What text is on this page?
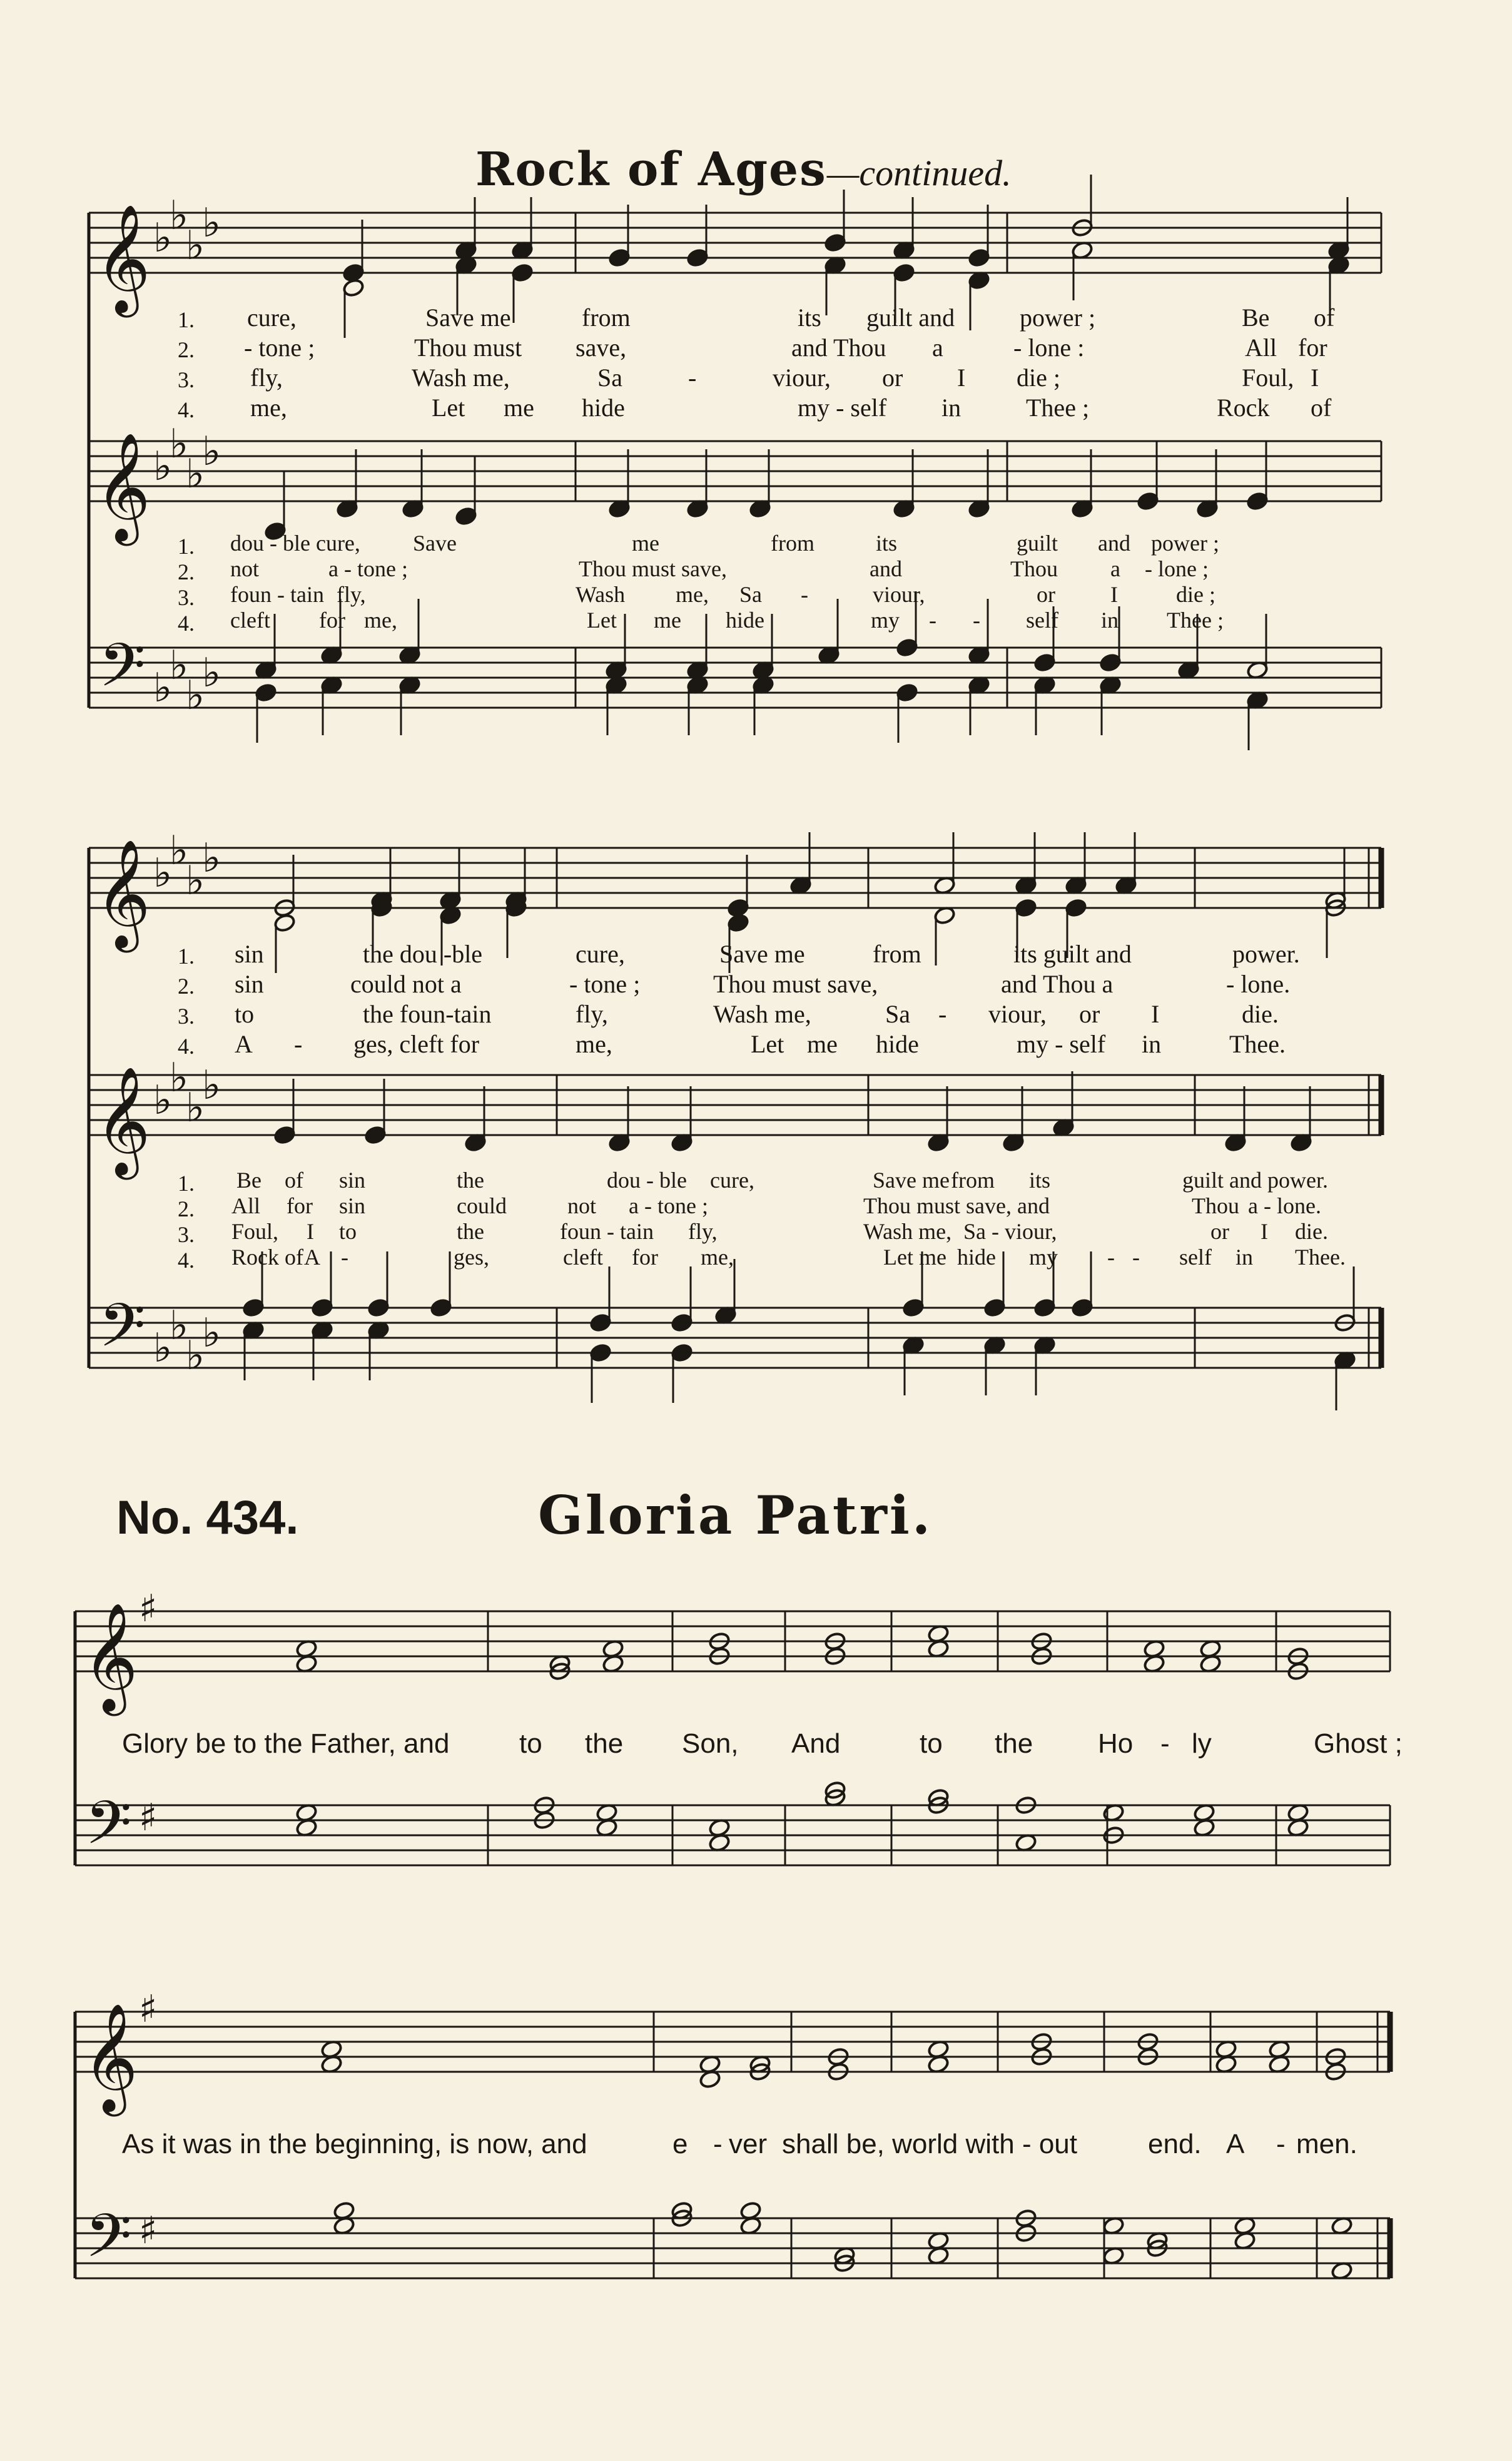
𝄞
𝄞
𝄢
𝄞
𝄞
𝄢
𝄞
𝄢
𝄞
𝄢
♭
♭
♭
♭
♭
♭
♭
♭
♭
♭
♭
♭
♭
♭
♭
♭
♭
♭
♭
♭
♭
♭
♭
♭
♯
♯
♯
♯
Rock of Ages—continued.
1. cure,	Save me	from	its guilt and	power ;	Be of
2. - tone ;	Thou must save,	and Thou a	- lone :	All for
3. fly,	Wash me,	Sa	-	viour, or I die ;	Foul, I
4. me,	Let me hide	my - self in	Thee ;	Rock of
1. dou - ble cure, Save	me	from	its	guilt and power ;
2. not	a - tone ;	Thou must save,	and	Thou a - lone ;
3. foun - tain fly,	Wash me, Sa -	viour,	or I	die ;
4. cleft for me,	Let me hide	my - - self in Thee ;
1. sin	the dou -ble	cure,	Save me	from	its guilt and	power.
2. sin	could not a	- tone ;	Thou must save,	and Thou a	- lone.
3. to	the foun-tain	fly,	Wash me,	Sa - viour, or I	die.
4. A - ges, cleft for	me,	Let me hide	my - self in	Thee.
1. Be of sin	the	dou - ble cure,	Save me from its	guilt and power.
2. All for sin	could	not a - tone ;	Thou must save, and	Thou a - lone.
3. Foul, I to	the	foun - tain fly,	Wash me, Sa - viour,	or I die.
4. Rock of A -	ges,	cleft for me,	Let me hide my - - self in Thee.
No. 434.	Gloria Patri.
Glory be to the Father, and	to the Son, And	to the Ho - ly	Ghost ;
As it was in the beginning, is now, and	e - ver shall be, world with - out	end. A - men.
